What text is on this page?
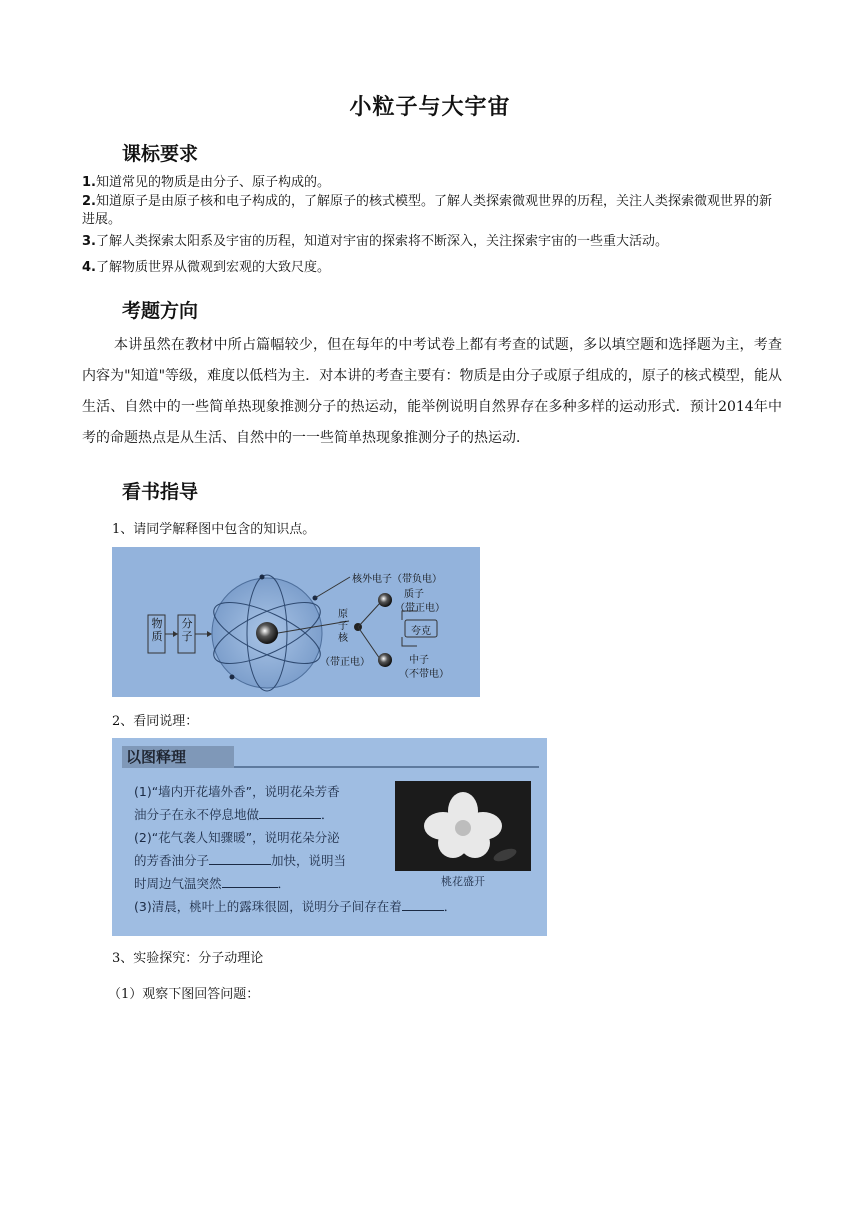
小粒子与大宇宙
课标要求
1.知道常见的物质是由分子、原子构成的。
2.知道原子是由原子核和电子构成的，了解原子的核式模型。了解人类探索微观世界的历程，关注人类探索微观世界的新进展。
3.了解人类探索太阳系及宇宙的历程，知道对宇宙的探索将不断深入，关注探索宇宙的一些重大活动。
4.了解物质世界从微观到宏观的大致尺度。
考题方向
本讲虽然在教材中所占篇幅较少，但在每年的中考试卷上都有考查的试题，多以填空题和选择题为主，考查内容为"知道"等级，难度以低档为主．对本讲的考查主要有：物质是由分子或原子组成的，原子的核式模型，能从生活、自然中的一些简单热现象推测分子的热运动，能举例说明自然界存在多种多样的运动形式．预计2014年中考的命题热点是从生活、自然中的一一些简单热现象推测分子的热运动．
看书指导
1、请同学解释图中包含的知识点。
物质
分子
核外电子（带负电）
原子核
（带正电）
质子
（带正电）
夸克
中子
（不带电）
2、看同说理：
以图释理
(1)“墙内开花墙外香”，说明花朵芳香
油分子在永不停息地做	．
(2)“花气袭人知骤暖”，说明花朵分泌
的芳香油分子	加快，说明当
时周边气温突然	．
(3)清晨，桃叶上的露珠很圆，说明分子间存在着	．
桃花盛开
3、实验探究：分子动理论
（1）观察下图回答问题：
